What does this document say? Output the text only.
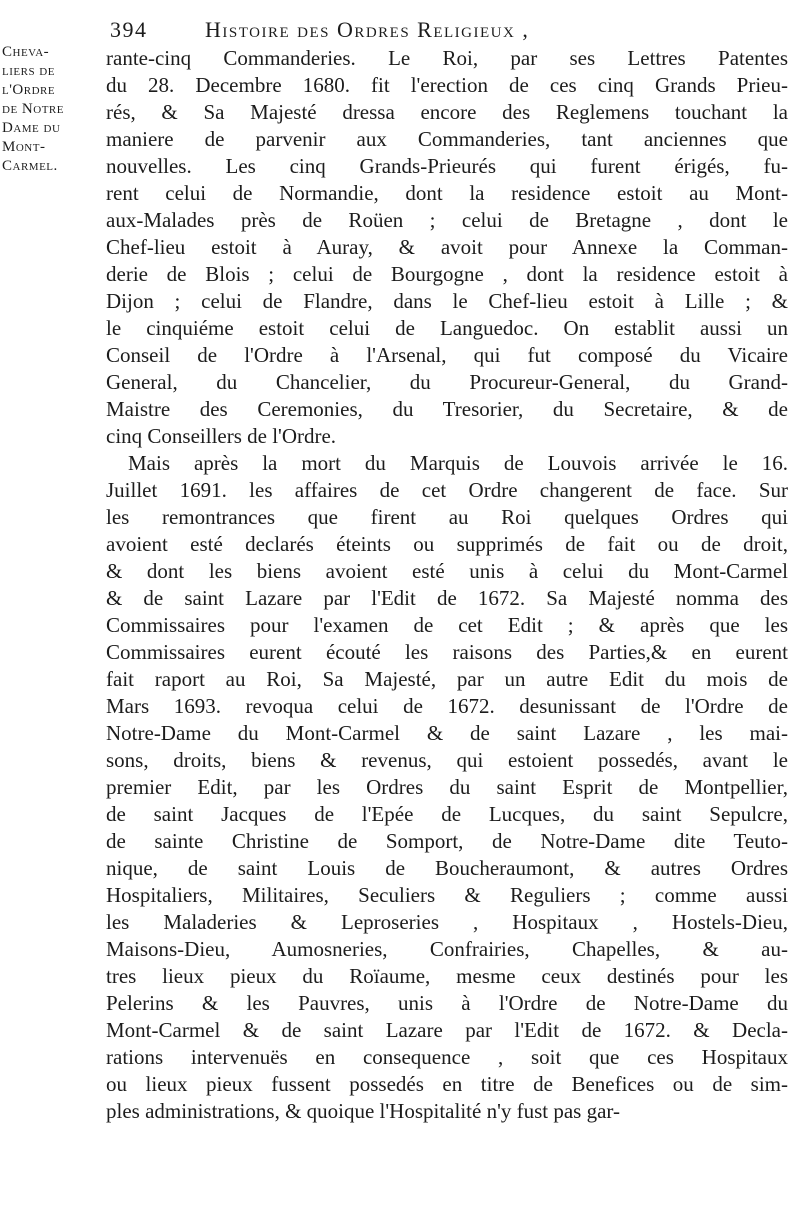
394	Histoire des Ordres Religieux ,
Cheva-
liers de
l'Ordre
de Notre
Dame du
Mont-
Carmel.
rante-cinq Commanderies. Le Roi, par ses Lettres Patentes
du 28. Decembre 1680. fit l'erection de ces cinq Grands Prieu-
rés, & Sa Majesté dressa encore des Reglemens touchant la
maniere de parvenir aux Commanderies, tant anciennes que
nouvelles. Les cinq Grands-Prieurés qui furent érigés, fu-
rent celui de Normandie, dont la residence estoit au Mont-
aux-Malades près de Roüen ; celui de Bretagne , dont le
Chef-lieu estoit à Auray, & avoit pour Annexe la Comman-
derie de Blois ; celui de Bourgogne , dont la residence estoit à
Dijon ; celui de Flandre, dans le Chef-lieu estoit à Lille ; &
le cinquiéme estoit celui de Languedoc. On establit aussi un
Conseil de l'Ordre à l'Arsenal, qui fut composé du Vicaire
General, du Chancelier, du Procureur-General, du Grand-
Maistre des Ceremonies, du Tresorier, du Secretaire, & de
cinq Conseillers de l'Ordre.
Mais après la mort du Marquis de Louvois arrivée le 16.
Juillet 1691. les affaires de cet Ordre changerent de face. Sur
les remontrances que firent au Roi quelques Ordres qui
avoient esté declarés éteints ou supprimés de fait ou de droit,
& dont les biens avoient esté unis à celui du Mont-Carmel
& de saint Lazare par l'Edit de 1672. Sa Majesté nomma des
Commissaires pour l'examen de cet Edit ; & après que les
Commissaires eurent écouté les raisons des Parties,& en eurent
fait raport au Roi, Sa Majesté, par un autre Edit du mois de
Mars 1693. revoqua celui de 1672. desunissant de l'Ordre de
Notre-Dame du Mont-Carmel & de saint Lazare , les mai-
sons, droits, biens & revenus, qui estoient possedés, avant le
premier Edit, par les Ordres du saint Esprit de Montpellier,
de saint Jacques de l'Epée de Lucques, du saint Sepulcre,
de sainte Christine de Somport, de Notre-Dame dite Teuto-
nique, de saint Louis de Boucheraumont, & autres Ordres
Hospitaliers, Militaires, Seculiers & Reguliers ; comme aussi
les Maladeries & Leproseries , Hospitaux , Hostels-Dieu,
Maisons-Dieu, Aumosneries, Confrairies, Chapelles, & au-
tres lieux pieux du Roïaume, mesme ceux destinés pour les
Pelerins & les Pauvres, unis à l'Ordre de Notre-Dame du
Mont-Carmel & de saint Lazare par l'Edit de 1672. & Decla-
rations intervenuës en consequence , soit que ces Hospitaux
ou lieux pieux fussent possedés en titre de Benefices ou de sim-
ples administrations, & quoique l'Hospitalité n'y fust pas gar-
